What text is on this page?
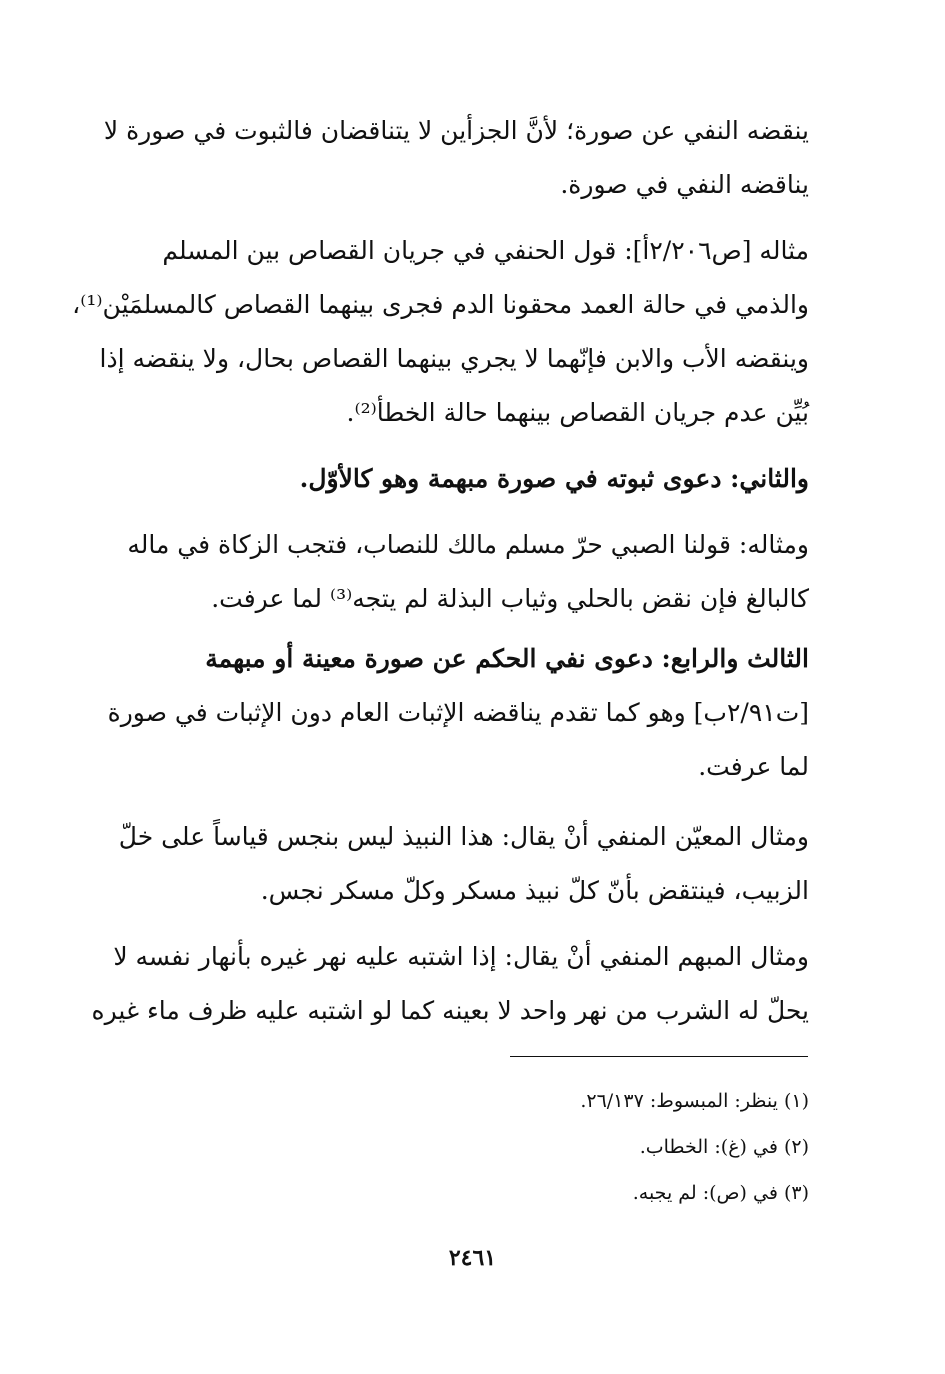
ينقضه النفي عن صورة؛ لأنَّ الجزأين لا يتناقضان فالثبوت في صورة لا
يناقضه النفي في صورة.
مثاله [ص٢/٢٠٦أ]: قول الحنفي في جريان القصاص بين المسلم
والذمي في حالة العمد محقونا الدم فجرى بينهما القصاص كالمسلمَيْن⁽¹⁾،
وينقضه الأب والابن فإنّهما لا يجري بينهما القصاص بحال، ولا ينقضه إذا
بُيِّن عدم جريان القصاص بينهما حالة الخطأ⁽²⁾.
والثاني: دعوى ثبوته في صورة مبهمة وهو كالأوّل.
ومثاله: قولنا الصبي حرّ مسلم مالك للنصاب، فتجب الزكاة في ماله
كالبالغ فإن نقض بالحلي وثياب البذلة لم يتجه⁽³⁾ لما عرفت.
الثالث والرابع: دعوى نفي الحكم عن صورة معينة أو مبهمة
[ت٢/٩١ب] وهو كما تقدم يناقضه الإثبات العام دون الإثبات في صورة
لما عرفت.
ومثال المعيّن المنفي أنْ يقال: هذا النبيذ ليس بنجس قياساً على خلّ
الزبيب، فينتقض بأنّ كلّ نبيذ مسكر وكلّ مسكر نجس.
ومثال المبهم المنفي أنْ يقال: إذا اشتبه عليه نهر غيره بأنهار نفسه لا
يحلّ له الشرب من نهر واحد لا بعينه كما لو اشتبه عليه ظرف ماء غيره
(١) ينظر: المبسوط: ٢٦/١٣٧.
(٢) في (غ): الخطاب.
(٣) في (ص): لم يجبه.
٢٤٦١
